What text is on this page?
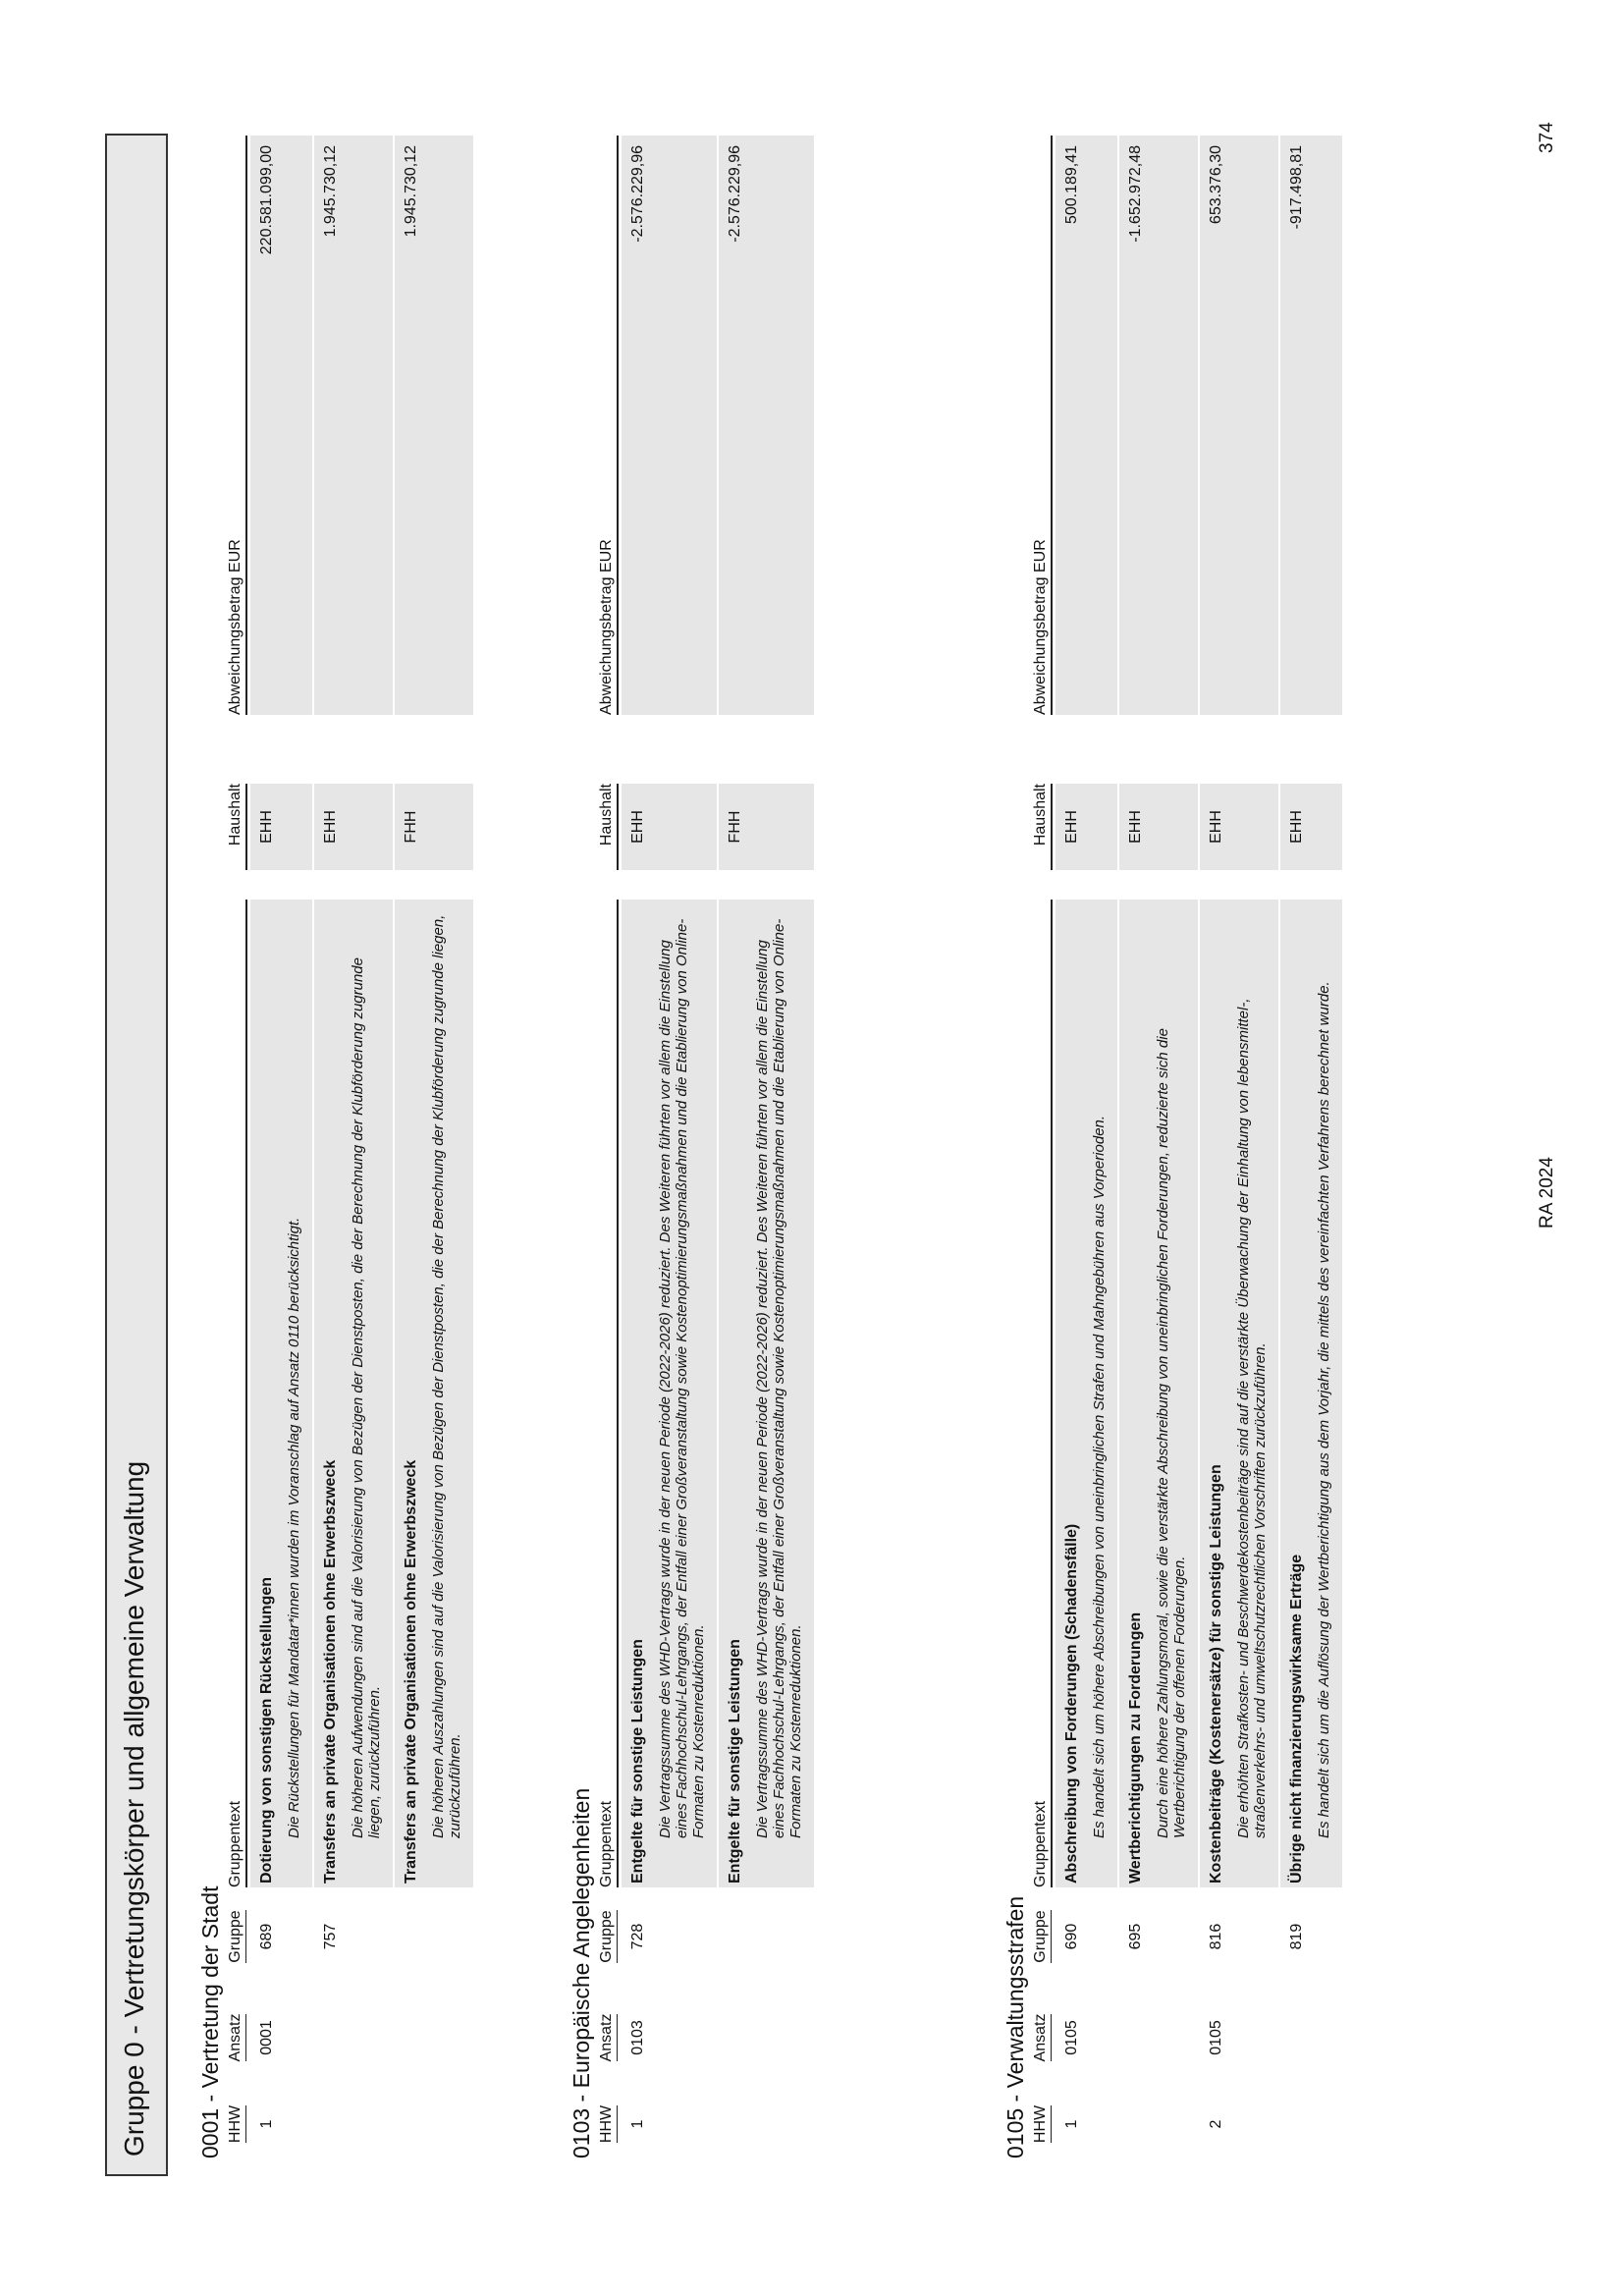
Gruppe 0 - Vertretungskörper und allgemeine Verwaltung	0001 - Vertretung der Stadt HHW	Ansatz	Gruppe	Gruppentext		Haushalt		Abweichungsbetrag EUR

1	0001	689	Dotierung von sonstigen Rückstellungen		EHH		220.581.099,00
			Die Rückstellungen für Mandatar*innen wurden im Voranschlag auf Ansatz 0110 berücksichtigt.				

		757	Transfers an private Organisationen ohne Erwerbszweck		EHH		1.945.730,12
			Die höheren Aufwendungen sind auf die Valorisierung von Bezügen der Dienstposten, die der Berechnung der Klubförderung zugrunde liegen, zurückzuführen.				

			Transfers an private Organisationen ohne Erwerbszweck		FHH		1.945.730,12
			Die höheren Auszahlungen sind auf die Valorisierung von Bezügen der Dienstposten, die der Berechnung der Klubförderung zugrunde liegen, zurückzuführen.				

0103 - Europäische Angelegenheiten HHW	Ansatz	Gruppe	Gruppentext		Haushalt		Abweichungsbetrag EUR

1	0103	728	Entgelte für sonstige Leistungen		EHH		-2.576.229,96
			Die Vertragssumme des WHD-Vertrags wurde in der neuen Periode (2022-2026) reduziert. Des Weiteren führten vor allem die Einstellung eines Fachhochschul-Lehrgangs, der Entfall einer Großveranstaltung sowie Kostenoptimierungsmaßnahmen und die Etablierung von Online-Formaten zu Kostenreduktionen.				

			Entgelte für sonstige Leistungen		FHH		-2.576.229,96
			Die Vertragssumme des WHD-Vertrags wurde in der neuen Periode (2022-2026) reduziert. Des Weiteren führten vor allem die Einstellung eines Fachhochschul-Lehrgangs, der Entfall einer Großveranstaltung sowie Kostenoptimierungsmaßnahmen und die Etablierung von Online-Formaten zu Kostenreduktionen.				

0105 - Verwaltungsstrafen HHW	Ansatz	Gruppe	Gruppentext		Haushalt		Abweichungsbetrag EUR

1	0105	690	Abschreibung von Forderungen (Schadensfälle)		EHH		500.189,41
			Es handelt sich um höhere Abschreibungen von uneinbringlichen Strafen und Mahngebühren aus Vorperioden.				

		695	Wertberichtigungen zu Forderungen		EHH		-1.652.972,48
			Durch eine höhere Zahlungsmoral, sowie die verstärkte Abschreibung von uneinbringlichen Forderungen, reduzierte sich die Wertberichtigung der offenen Forderungen.				

2	0105	816	Kostenbeiträge (Kostenersätze) für sonstige Leistungen		EHH		653.376,30
			Die erhöhten Strafkosten- und Beschwerdekostenbeiträge sind auf die verstärkte Überwachung der Einhaltung von lebensmittel-, straßenverkehrs- und umweltschutzrechtlichen Vorschriften zurückzuführen.				

		819	Übrige nicht finanzierungswirksame Erträge		EHH		-917.498,81
			Es handelt sich um die Auflösung der Wertberichtigung aus dem Vorjahr, die mittels des vereinfachten Verfahrens berechnet wurde.					RA 2024
374
